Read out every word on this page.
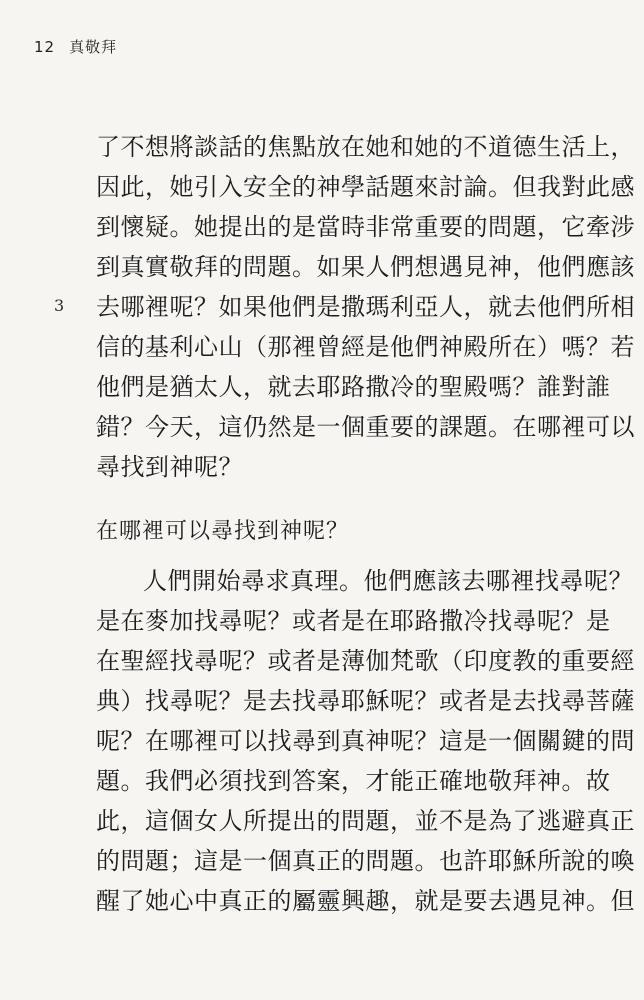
12 真敬拜
3
了不想將談話的焦點放在她和她的不道德生活上，
因此，她引入安全的神學話題來討論。但我對此感
到懷疑。她提出的是當時非常重要的問題，它牽涉
到真實敬拜的問題。如果人們想遇見神，他們應該
去哪裡呢？如果他們是撒瑪利亞人，就去他們所相
信的基利心山（那裡曾經是他們神殿所在）嗎？若
他們是猶太人，就去耶路撒冷的聖殿嗎？誰對誰
錯？今天，這仍然是一個重要的課題。在哪裡可以
尋找到神呢？
在哪裡可以尋找到神呢？
人們開始尋求真理。他們應該去哪裡找尋呢？
是在麥加找尋呢？或者是在耶路撒冷找尋呢？是
在聖經找尋呢？或者是薄伽梵歌（印度教的重要經
典）找尋呢？是去找尋耶穌呢？或者是去找尋菩薩
呢？在哪裡可以找尋到真神呢？這是一個關鍵的問
題。我們必須找到答案，才能正確地敬拜神。故
此，這個女人所提出的問題，並不是為了逃避真正
的問題；這是一個真正的問題。也許耶穌所說的喚
醒了她心中真正的屬靈興趣，就是要去遇見神。但
